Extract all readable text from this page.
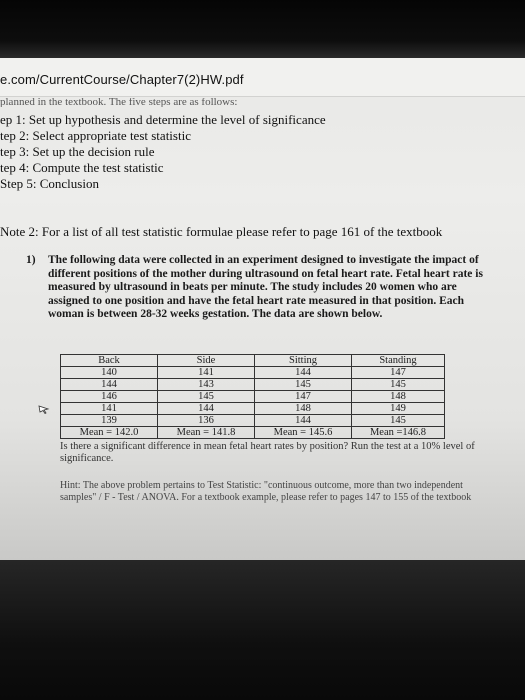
e.com/CurrentCourse/Chapter7(2)HW.pdf
planned in the textbook. The five steps are as follows:
ep 1: Set up hypothesis and determine the level of significance
tep 2: Select appropriate test statistic
tep 3: Set up the decision rule
tep 4: Compute the test statistic
Step 5: Conclusion
Note 2: For a list of all test statistic formulae please refer to page 161 of the textbook
1) The following data were collected in an experiment designed to investigate the impact of different positions of the mother during ultrasound on fetal heart rate. Fetal heart rate is measured by ultrasound in beats per minute. The study includes 20 women who are assigned to one position and have the fetal heart rate measured in that position. Each woman is between 28-32 weeks gestation. The data are shown below.
Back	Side	Sitting	Standing
140	141	144	147
144	143	145	145
146	145	147	148
141	144	148	149
139	136	144	145
Mean = 142.0	Mean = 141.8	Mean = 145.6	Mean =146.8
Is there a significant difference in mean fetal heart rates by position? Run the test at a 10% level of significance.
Hint: The above problem pertains to Test Statistic: "continuous outcome, more than two independent samples" / F - Test / ANOVA. For a textbook example, please refer to pages 147 to 155 of the textbook
